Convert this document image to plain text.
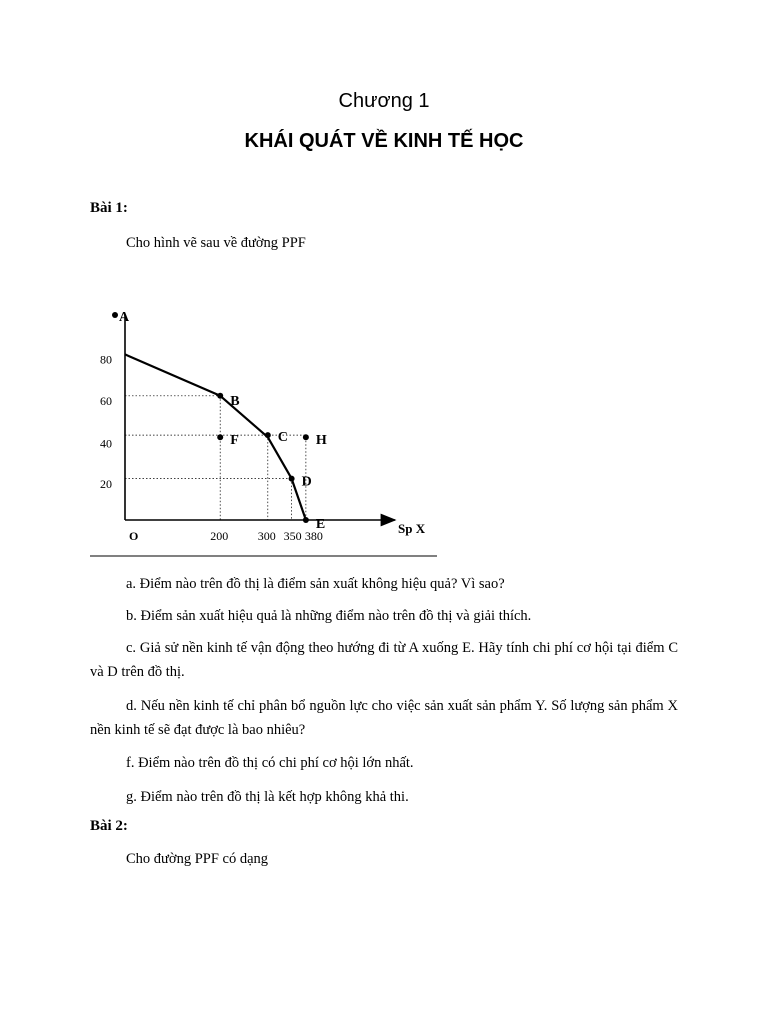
Chương 1
KHÁI QUÁT VỀ KINH TẾ HỌC
Bài 1:
Cho hình vẽ sau về đường PPF
80
60
40
20
200 300 350 380
O	Sp X
A
B
F	C H
D
E
a. Điểm nào trên đồ thị là điểm sản xuất không hiệu quả? Vì sao?
b. Điểm sản xuất hiệu quả là những điểm nào trên đồ thị và giải thích.
c. Giả sử nền kinh tế vận động theo hướng đi từ A xuống E. Hãy tính chi phí cơ hội tại điểm C và D trên đồ thị.
d. Nếu nền kinh tế chỉ phân bổ nguồn lực cho việc sản xuất sản phẩm Y. Số lượng sản phẩm X nền kinh tế sẽ đạt được là bao nhiêu?
f. Điểm nào trên đồ thị có chi phí cơ hội lớn nhất.
g. Điểm nào trên đồ thị là kết hợp không khả thi.
Bài 2:
Cho đường PPF có dạng
